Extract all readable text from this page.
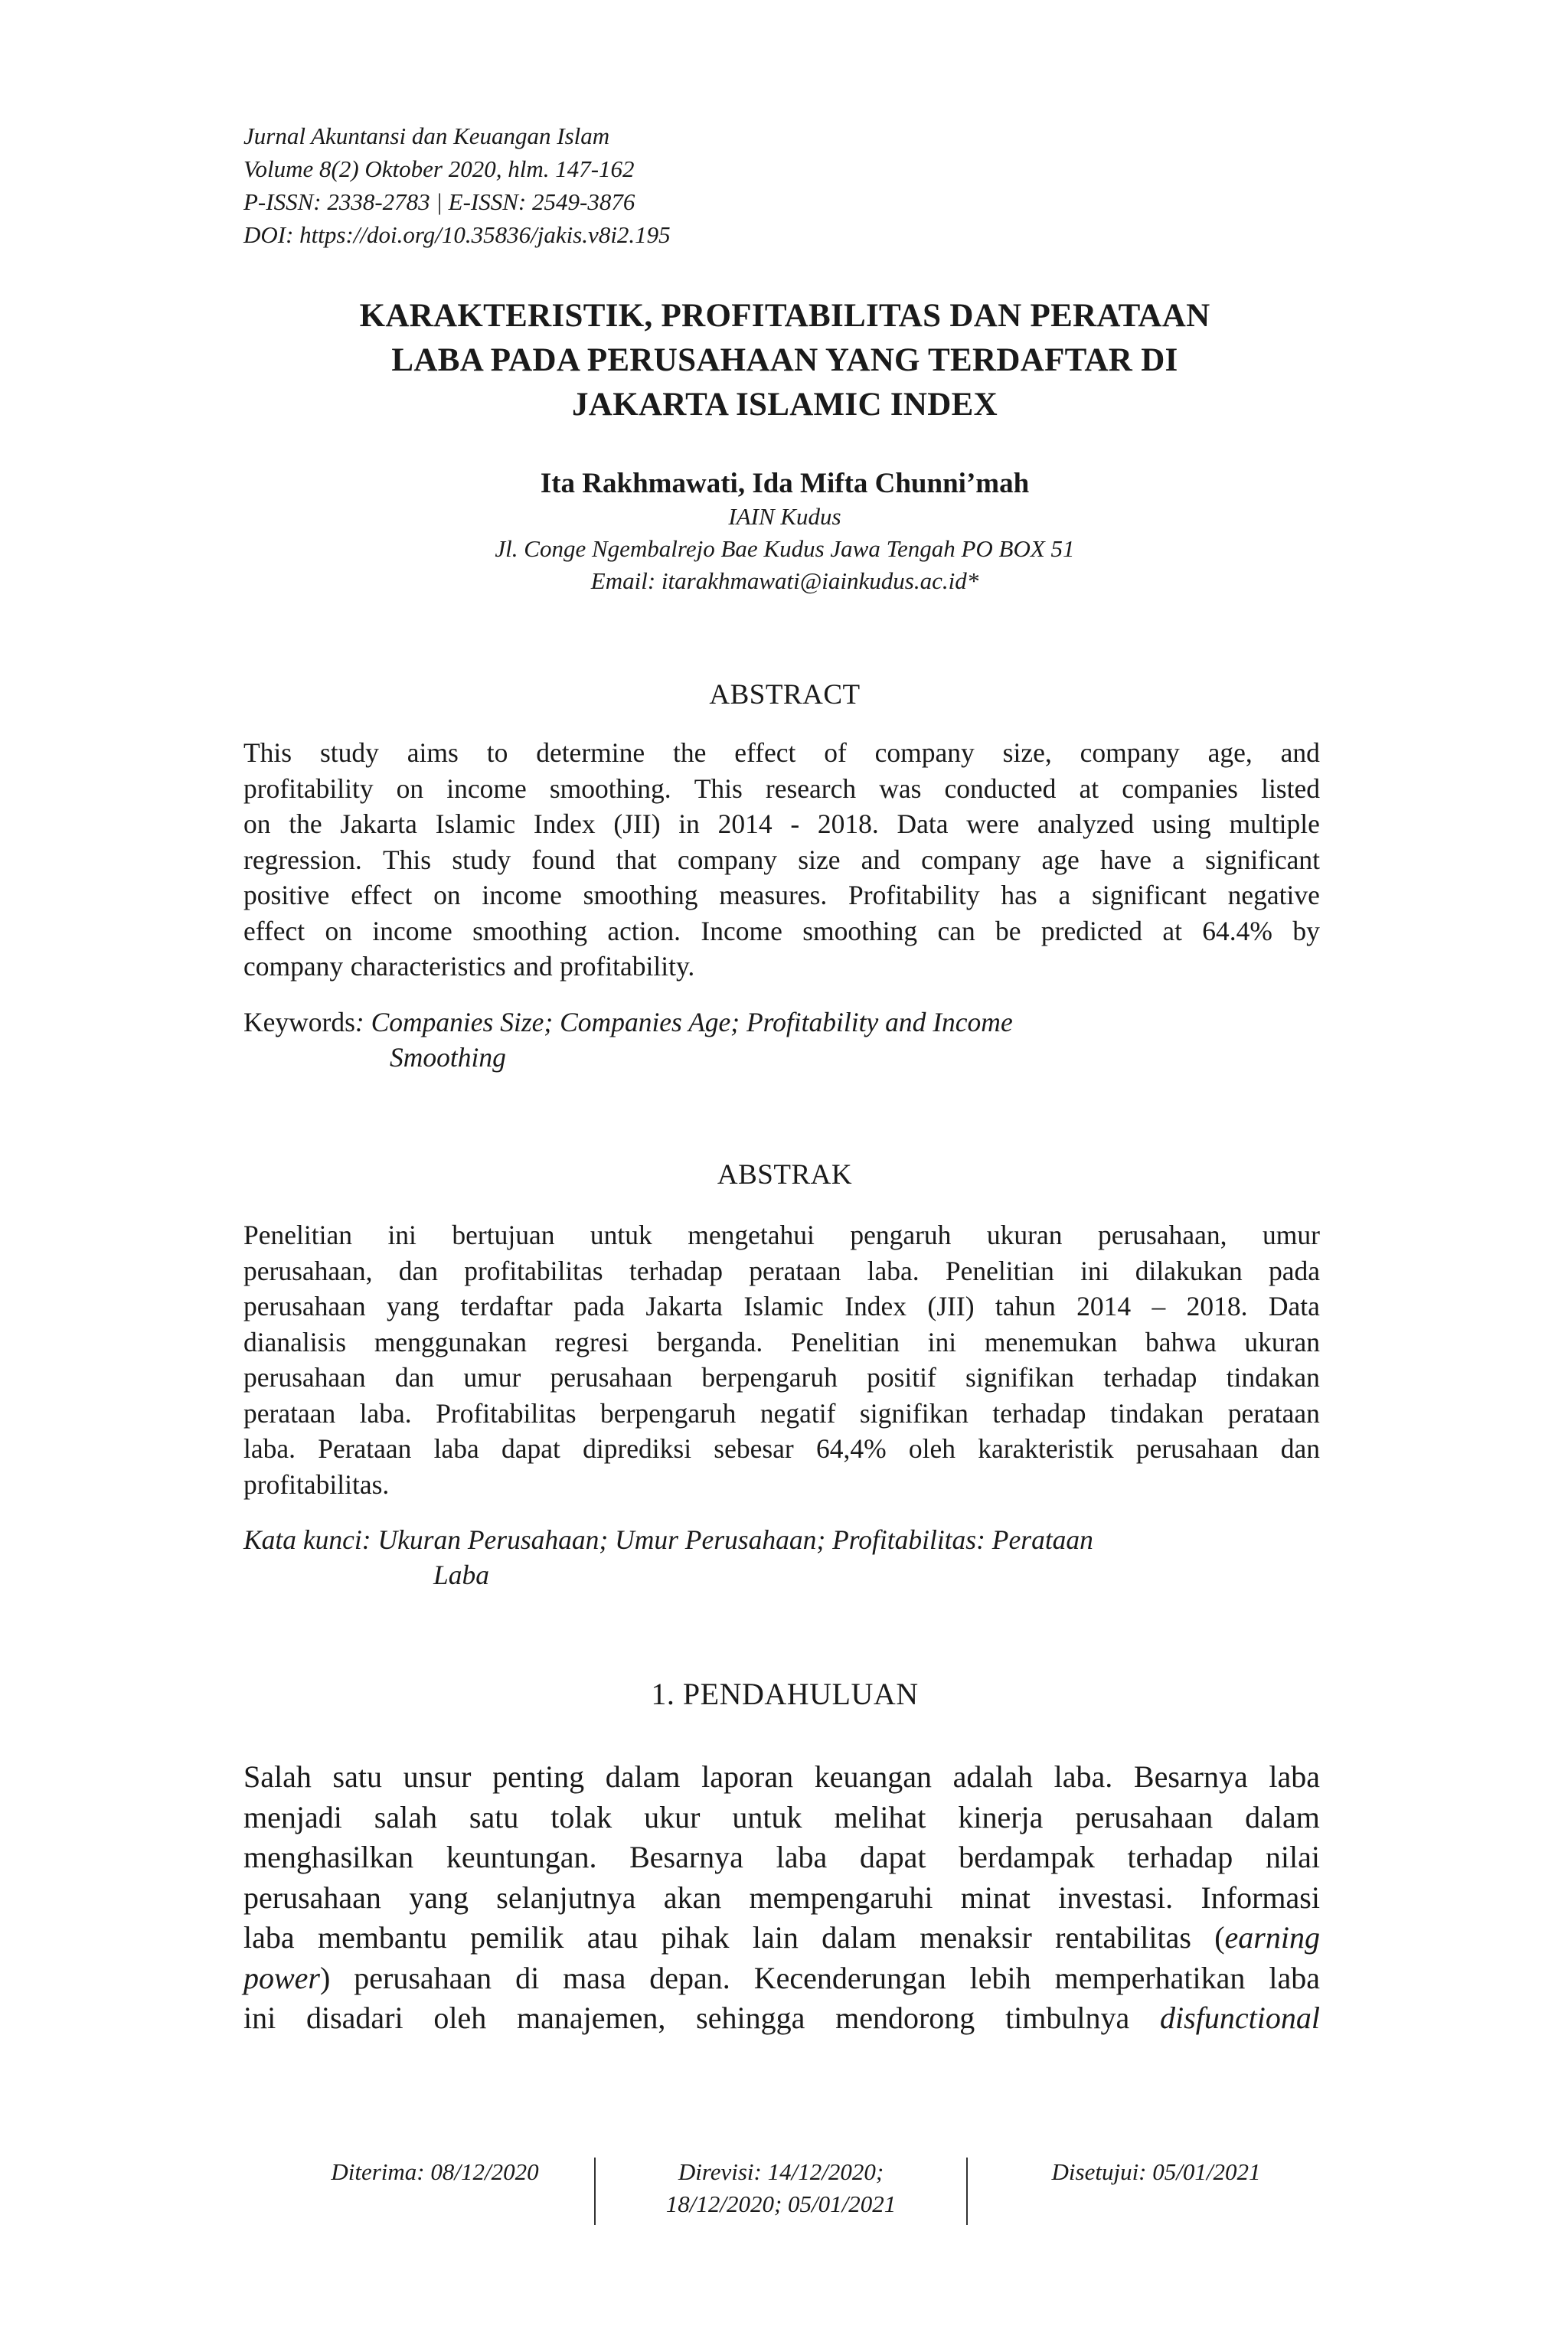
Jurnal Akuntansi dan Keuangan Islam
Volume 8(2) Oktober 2020, hlm. 147-162
P-ISSN: 2338-2783 | E-ISSN: 2549-3876
DOI: https://doi.org/10.35836/jakis.v8i2.195
KARAKTERISTIK, PROFITABILITAS DAN PERATAAN
LABA PADA PERUSAHAAN YANG TERDAFTAR DI
JAKARTA ISLAMIC INDEX
Ita Rakhmawati, Ida Mifta Chunni’mah
IAIN Kudus
Jl. Conge Ngembalrejo Bae Kudus Jawa Tengah PO BOX 51
Email: itarakhmawati@iainkudus.ac.id*
ABSTRACT
This study aims to determine the effect of company size, company age, and
profitability on income smoothing. This research was conducted at companies listed
on the Jakarta Islamic Index (JII) in 2014 - 2018. Data were analyzed using multiple
regression. This study found that company size and company age have a significant
positive effect on income smoothing measures. Profitability has a significant negative
effect on income smoothing action. Income smoothing can be predicted at 64.4% by
company characteristics and profitability.
Keywords: Companies Size; Companies Age; Profitability and Income
Smoothing
ABSTRAK
Penelitian ini bertujuan untuk mengetahui pengaruh ukuran perusahaan, umur
perusahaan, dan profitabilitas terhadap perataan laba. Penelitian ini dilakukan pada
perusahaan yang terdaftar pada Jakarta Islamic Index (JII) tahun 2014 – 2018. Data
dianalisis menggunakan regresi berganda. Penelitian ini menemukan bahwa ukuran
perusahaan dan umur perusahaan berpengaruh positif signifikan terhadap tindakan
perataan laba. Profitabilitas berpengaruh negatif signifikan terhadap tindakan perataan
laba. Perataan laba dapat diprediksi sebesar 64,4% oleh karakteristik perusahaan dan
profitabilitas.
Kata kunci: Ukuran Perusahaan; Umur Perusahaan; Profitabilitas: Perataan
Laba
1. PENDAHULUAN
Salah satu unsur penting dalam laporan keuangan adalah laba. Besarnya laba
menjadi salah satu tolak ukur untuk melihat kinerja perusahaan dalam
menghasilkan keuntungan. Besarnya laba dapat berdampak terhadap nilai
perusahaan yang selanjutnya akan mempengaruhi minat investasi. Informasi
laba membantu pemilik atau pihak lain dalam menaksir rentabilitas (earning
power) perusahaan di masa depan. Kecenderungan lebih memperhatikan laba
ini disadari oleh manajemen, sehingga mendorong timbulnya disfunctional
Diterima: 08/12/2020	Direvisi: 14/12/2020;
18/12/2020; 05/01/2021
Disetujui: 05/01/2021
